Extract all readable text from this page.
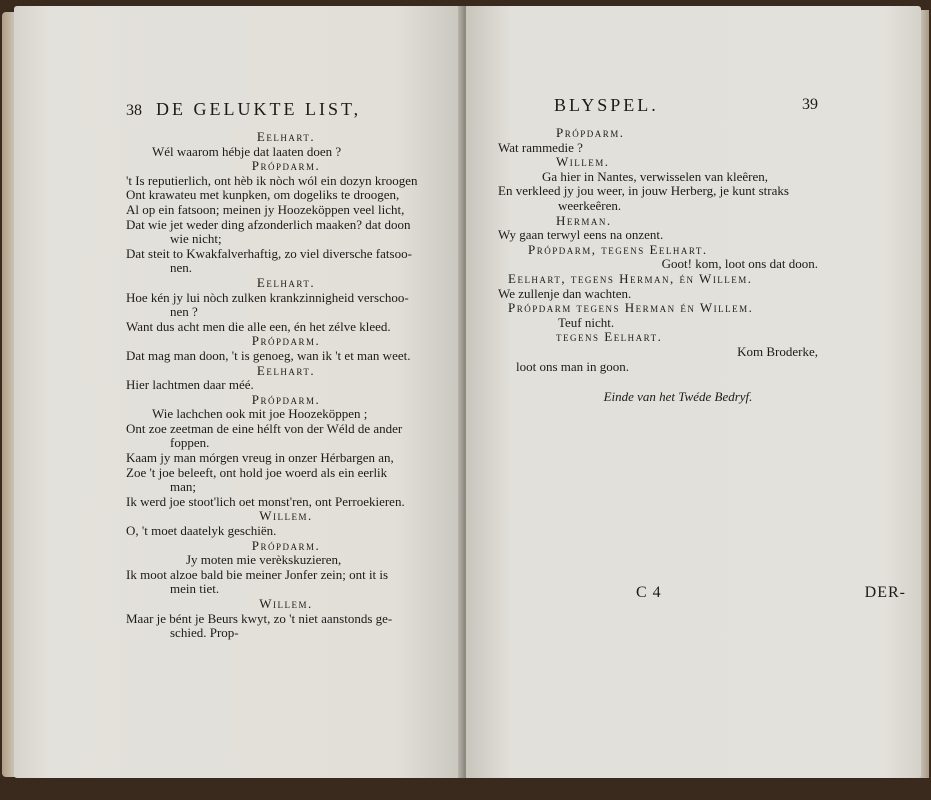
38 DE GELUKTE LIST,
Eelhart.
Wél waarom hébje dat laaten doen ?
Própdarm.
't Is reputierlich, ont hèb ik nòch wól ein dozyn kroogen
Ont krawateu met kunpken, om dogeliks te droogen,
Al op ein fatsoon; meinen jy Hoozeköppen veel licht,
Dat wie jet weder ding afzonderlich maaken? dat doon
wie nicht;
Dat steit to Kwakfalverhaftig, zo viel diversche fatsoo-
nen.
Eelhart.
Hoe kén jy lui nòch zulken krankzinnigheid verschoo-
nen ?
Want dus acht men die alle een, én het zélve kleed.
Própdarm.
Dat mag man doon, 't is genoeg, wan ik 't et man weet.
Eelhart.
Hier lachtmen daar méé.
Própdarm.
Wie lachchen ook mit joe Hoozeköppen ;
Ont zoe zeetman de eine hélft von der Wéld de ander
foppen.
Kaam jy man mórgen vreug in onzer Hérbargen an,
Zoe 't joe beleeft, ont hold joe woerd als ein eerlik
man;
Ik werd joe stoot'lich oet monst'ren, ont Perroekieren.
Willem.
O, 't moet daatelyk geschiën.
Própdarm.
Jy moten mie verèkskuzieren,
Ik moot alzoe bald bie meiner Jonfer zein; ont it is
mein tiet.
Willem.
Maar je bént je Beurs kwyt, zo 't niet aanstonds ge-
schied. Prop-
BLYSPEL.	39
Própdarm.
Wat rammedie ?
Willem.
Ga hier in Nantes, verwisselen van kleêren,
En verkleed jy jou weer, in jouw Herberg, je kunt straks
weerkeêren.
Herman.
Wy gaan terwyl eens na onzent.
Própdarm, tegens Eelhart.
Goot! kom, loot ons dat doon.
Eelhart, tegens Herman, én Willem.
We zullenje dan wachten.
Própdarm tegens Herman én Willem.
Teuf nicht.
tegens Eelhart.
Kom Broderke,
loot ons man in goon.
Einde van het Twéde Bedryf.
C 4	DER-
